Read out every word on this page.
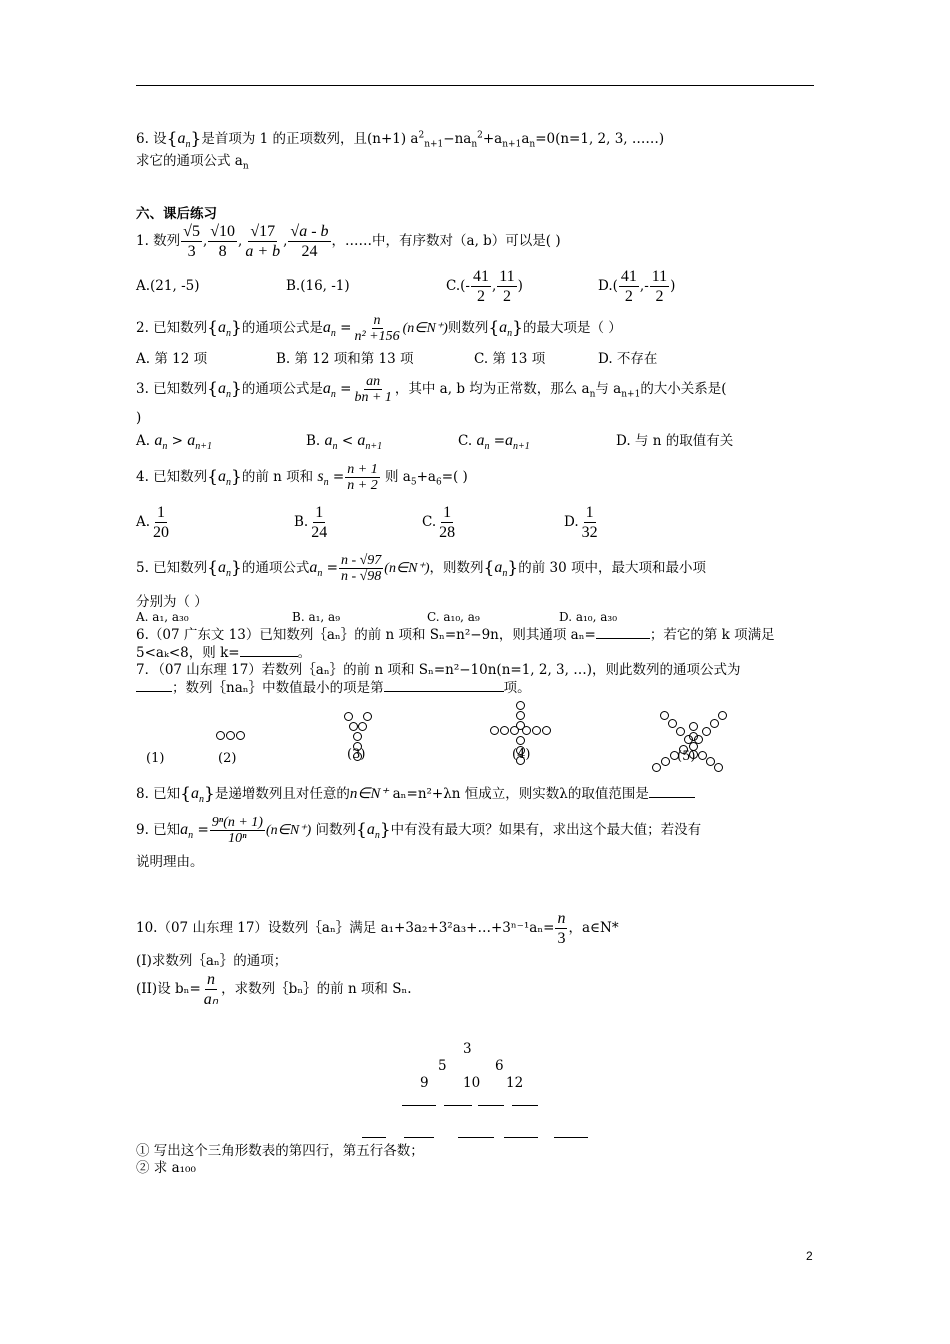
6. 设$\{a_n\}$是首项为 1 的正项数列，且(n+1) $a^2_{n+1}-na_n^2+a_{n+1}a_n=0(n=1$, 2, 3, ……)
求它的通项公式 $a_n$
六、课后练习
1. 数列 $\frac{√5}{3}$ , $\frac{√10}{8}$ , $\frac{√17}{a + b}$ , $\frac{√a - b}{24}$ ，……中，有序数对（a, b）可以是( )
A.(21, -5)	B.(16, -1)	$C.(- \frac{41}{2}$ , $\frac{11}{2}$ )	$D.( \frac{41}{2}$ ,- $\frac{11}{2}$ )
2. 已知数列$\{a_n\}$的通项公式是$a_n = \frac{n}{\text{n² +156}}$ (n∈N⁺)则数列$\{a_n\}$的最大项是（ ）
A. 第 12 项	B. 第 12 项和第 13 项	C. 第 13 项	D. 不存在
3. 已知数列$\{a_n\}$的通项公式是$a_n = \frac{an}{bn + 1}$ ，其中 a, b 均为正常数，那么 $a_n$与 $a_{n+1}$的大小关系是(
)
A. $a_n > a_{n+1}$	B. $a_n < a_{n+1}$	C. $a_n =a_{n+1}$	D. 与 n 的取值有关
4. 已知数列$\{a_n\}$的前 n 项和 $s_n = \frac{n + 1}{n + 2}$ 则 $a_5+a_6=$( )
A. $\frac{1}{20}$	B. $\frac{1}{24}$	C. $\frac{1}{28}$	D. $\frac{1}{32}$
5. 已知数列$\{a_n\}$的通项公式$a_n = \frac{n - √97}{n - √98}$ (n∈N⁺)，则数列$\{a_n\}$的前 30 项中，最大项和最小项
分别为（ ）
A. a₁, a₃₀	B. a₁, a₉	C. a₁₀, a₉	D. a₁₀, a₃₀
6.（07 广东文 13）已知数列｛aₙ｝的前 n 项和 Sₙ=n²−9n，则其通项 aₙ=	；若它的第 k 项满足
5<aₖ<8，则 k=	。
7．（07 山东理 17）若数列｛aₙ｝的前 n 项和 Sₙ=n²−10n(n=1, 2, 3, …)，则此数列的通项公式为
；数列｛naₙ｝中数值最小的项是第	项。
(1)	(2)	(3)	(4)	(5)
8. 已知$\{a_n\}$是递增数列且对任意的n∈N⁺ aₙ=n²+λn 恒成立，则实数λ的取值范围是
9. 已知$a_n = \frac{\text{9ⁿ(n + 1)}}{\text{10ⁿ}}$ (n∈N⁺) 问数列$\{a_n\}$中有没有最大项？如果有，求出这个最大值；若没有
说明理由。
10.（07 山东理 17）设数列｛aₙ｝满足 a₁+3a₂+3²a₃+…+3ⁿ⁻¹aₙ= $\frac{n}{3}$ ，a∈N*
(I)求数列｛aₙ｝的通项；
(II)设 $b_n= \frac{n}{\text{aₙ}}$ ，求数列｛bₙ｝的前 n 项和 Sₙ.
3
5	6
9	10 12
① 写出这个三角形数表的第四行，第五行各数；
② 求 a₁₀₀
2
